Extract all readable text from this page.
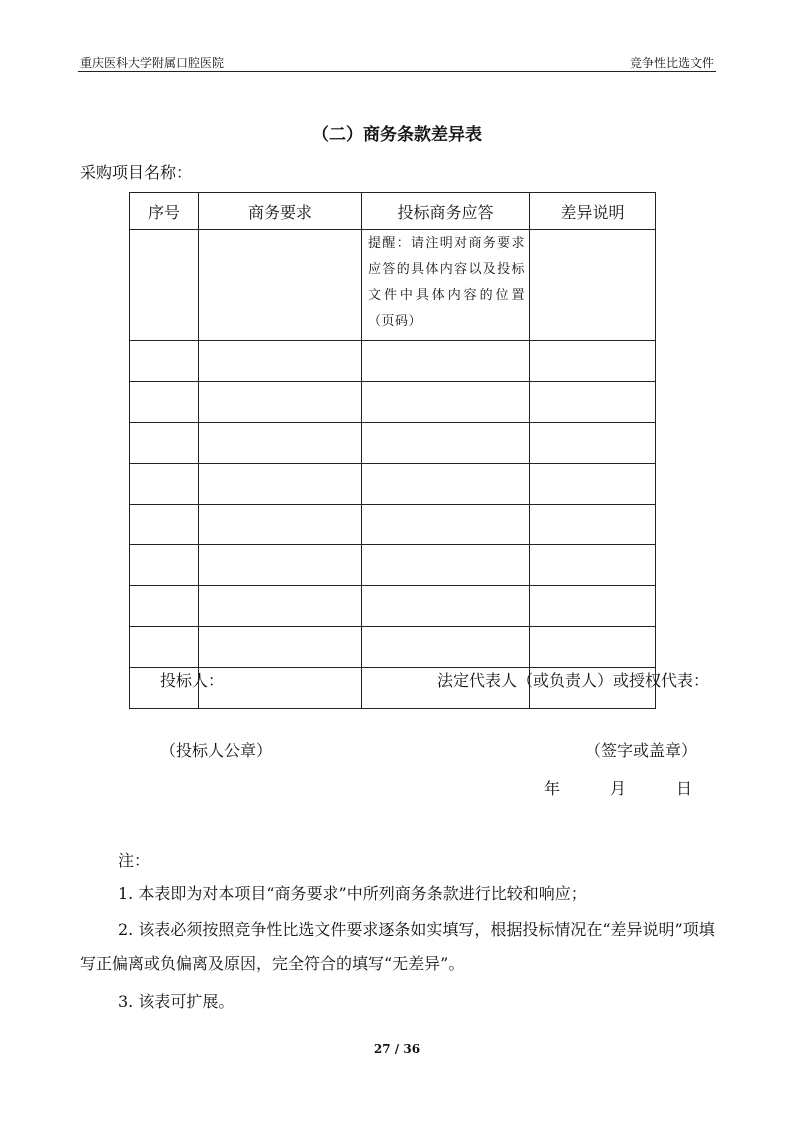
重庆医科大学附属口腔医院	竞争性比选文件
（二）商务条款差异表
采购项目名称：
序号	商务要求	投标商务应答	差异说明

		提醒：请注明对商务要求应答的具体内容以及投标文件中具体内容的位置（页码）	

投标人：	法定代表人（或负责人）或授权代表：
（投标人公章）	（签字或盖章）
年	月	日
注：
1. 本表即为对本项目“商务要求”中所列商务条款进行比较和响应；
2. 该表必须按照竞争性比选文件要求逐条如实填写，根据投标情况在“差异说明”项填写正偏离或负偏离及原因，完全符合的填写“无差异”。
3. 该表可扩展。
27 / 36
